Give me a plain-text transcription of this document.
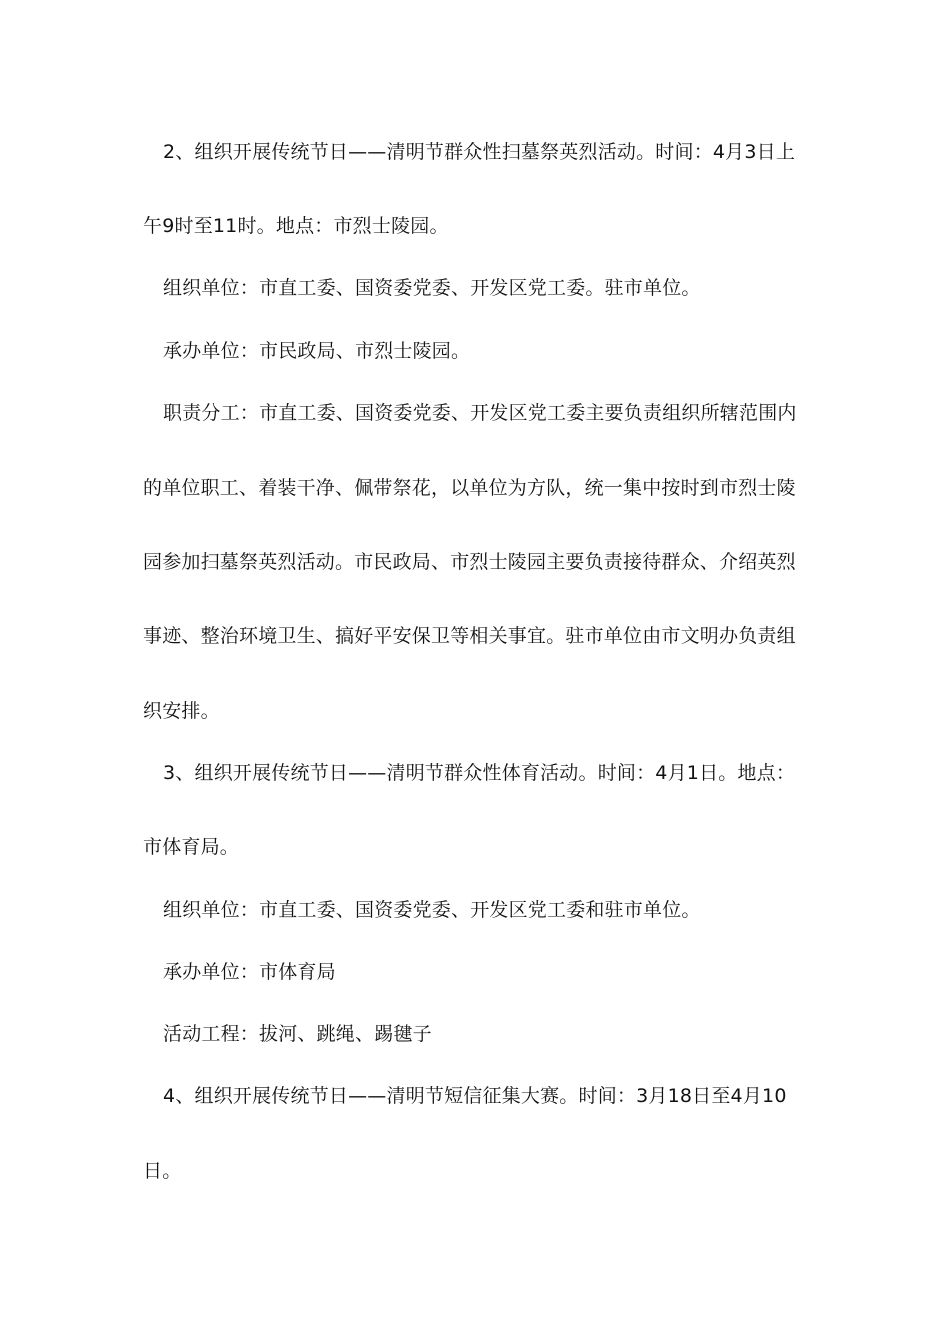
2、组织开展传统节日——清明节群众性扫墓祭英烈活动。时间：4月3日上
午9时至11时。地点：市烈士陵园。
组织单位：市直工委、国资委党委、开发区党工委。驻市单位。
承办单位：市民政局、市烈士陵园。
职责分工：市直工委、国资委党委、开发区党工委主要负责组织所辖范围内
的单位职工、着装干净、佩带祭花，以单位为方队，统一集中按时到市烈士陵
园参加扫墓祭英烈活动。市民政局、市烈士陵园主要负责接待群众、介绍英烈
事迹、整治环境卫生、搞好平安保卫等相关事宜。驻市单位由市文明办负责组
织安排。
3、组织开展传统节日——清明节群众性体育活动。时间：4月1日。地点：
市体育局。
组织单位：市直工委、国资委党委、开发区党工委和驻市单位。
承办单位：市体育局
活动工程：拔河、跳绳、踢毽子
4、组织开展传统节日——清明节短信征集大赛。时间：3月18日至4月10
日。
